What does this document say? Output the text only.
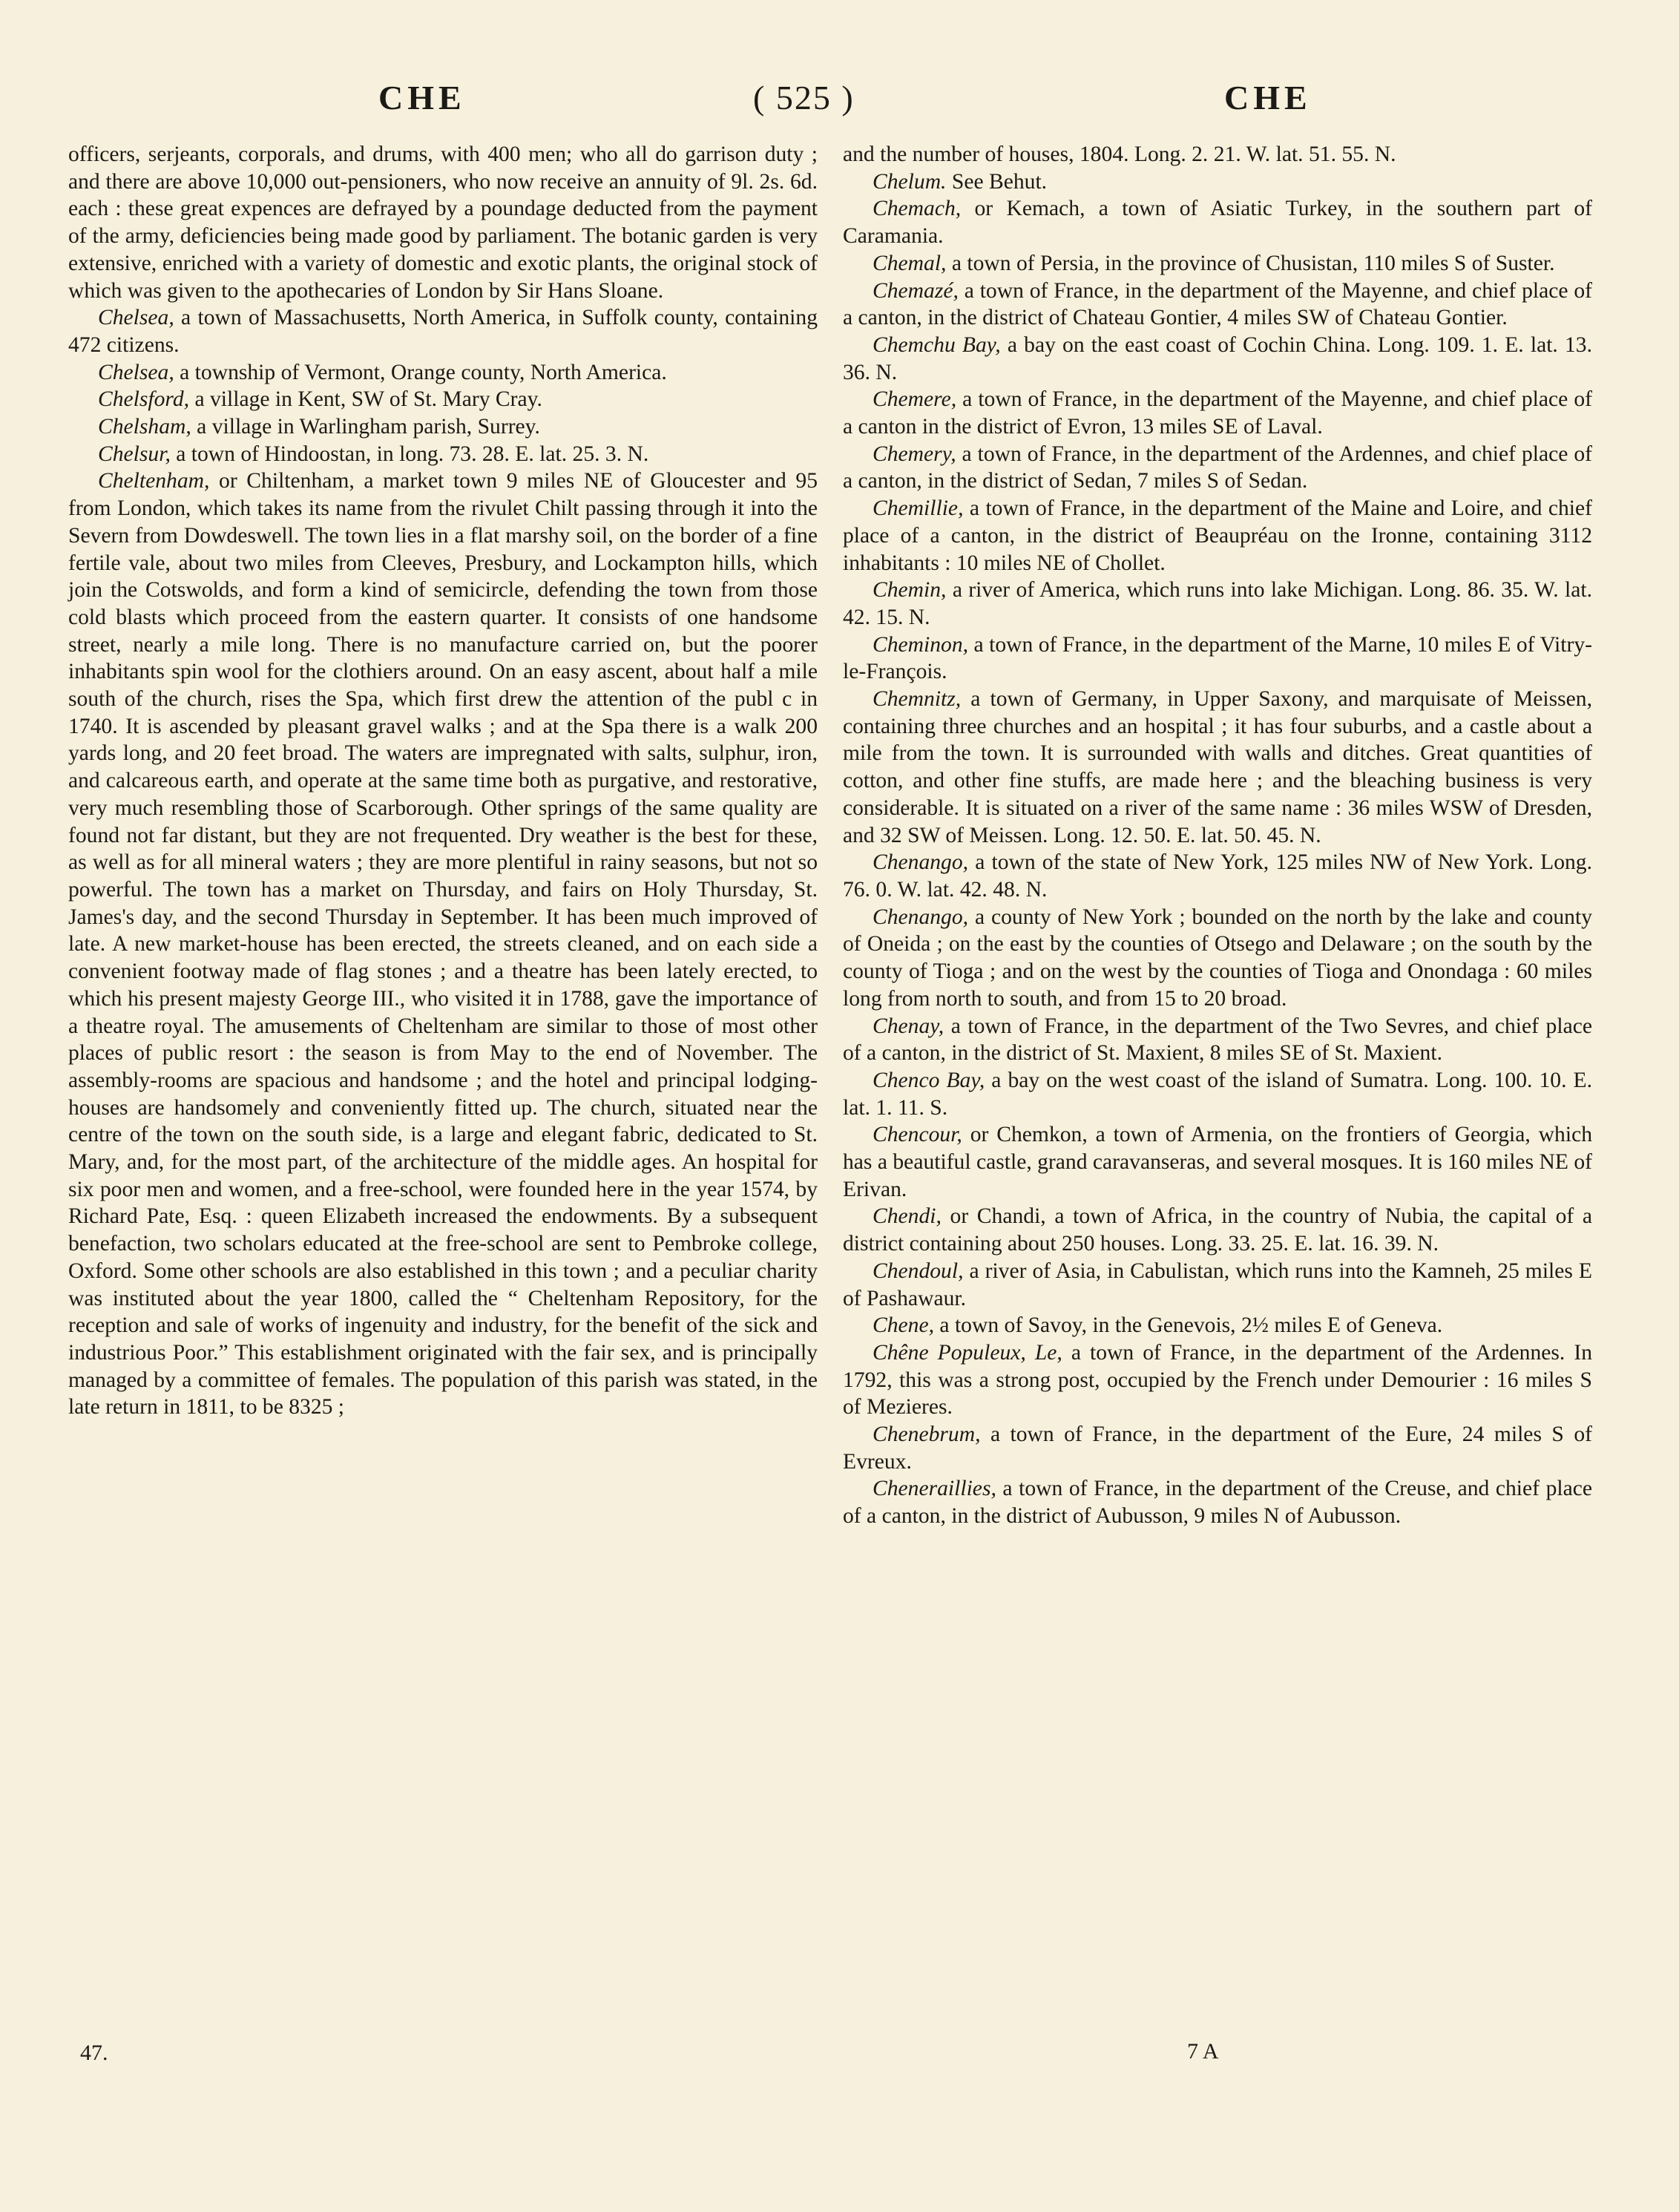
CHE	( 525 )	CHE

officers, serjeants, corporals, and drums, with 400 men; who all do garrison duty ; and there are above 10,000 out-pensioners, who now receive an annuity of 9l. 2s. 6d. each : these great expences are defrayed by a poundage deducted from the payment of the army, deficiencies being made good by parliament. The botanic garden is very extensive, enriched with a variety of domestic and exotic plants, the original stock of which was given to the apothecaries of London by Sir Hans Sloane.

Chelsea, a town of Massachusetts, North America, in Suffolk county, containing 472 citizens.

Chelsea, a township of Vermont, Orange county, North America.

Chelsford, a village in Kent, SW of St. Mary Cray.

Chelsham, a village in Warlingham parish, Surrey.

Chelsur, a town of Hindoostan, in long. 73. 28. E. lat. 25. 3. N.

Cheltenham, or Chiltenham, a market town 9 miles NE of Gloucester and 95 from London, which takes its name from the rivulet Chilt passing through it into the Severn from Dowdeswell. The town lies in a flat marshy soil, on the border of a fine fertile vale, about two miles from Cleeves, Presbury, and Lockampton hills, which join the Cotswolds, and form a kind of semicircle, defending the town from those cold blasts which proceed from the eastern quarter. It consists of one handsome street, nearly a mile long. There is no manufacture carried on, but the poorer inhabitants spin wool for the clothiers around. On an easy ascent, about half a mile south of the church, rises the Spa, which first drew the attention of the publ c in 1740. It is ascended by pleasant gravel walks ; and at the Spa there is a walk 200 yards long, and 20 feet broad. The waters are impregnated with salts, sulphur, iron, and calcareous earth, and operate at the same time both as purgative, and restorative, very much resembling those of Scarborough. Other springs of the same quality are found not far distant, but they are not frequented. Dry weather is the best for these, as well as for all mineral waters ; they are more plentiful in rainy seasons, but not so powerful. The town has a market on Thursday, and fairs on Holy Thursday, St. James's day, and the second Thursday in September. It has been much improved of late. A new market-house has been erected, the streets cleaned, and on each side a convenient footway made of flag stones ; and a theatre has been lately erected, to which his present majesty George III., who visited it in 1788, gave the importance of a theatre royal. The amusements of Cheltenham are similar to those of most other places of public resort : the season is from May to the end of November. The assembly-rooms are spacious and handsome ; and the hotel and principal lodging-houses are handsomely and conveniently fitted up. The church, situated near the centre of the town on the south side, is a large and elegant fabric, dedicated to St. Mary, and, for the most part, of the architecture of the middle ages. An hospital for six poor men and women, and a free-school, were founded here in the year 1574, by Richard Pate, Esq. : queen Elizabeth increased the endowments. By a subsequent benefaction, two scholars educated at the free-school are sent to Pembroke college, Oxford. Some other schools are also established in this town ; and a peculiar charity was instituted about the year 1800, called the “ Cheltenham Repository, for the reception and sale of works of ingenuity and industry, for the benefit of the sick and industrious Poor.” This establishment originated with the fair sex, and is principally managed by a committee of females. The population of this parish was stated, in the late return in 1811, to be 8325 ;

and the number of houses, 1804. Long. 2. 21. W. lat. 51. 55. N.

Chelum. See Behut.

Chemach, or Kemach, a town of Asiatic Turkey, in the southern part of Caramania.

Chemal, a town of Persia, in the province of Chusistan, 110 miles S of Suster.

Chemazé, a town of France, in the department of the Mayenne, and chief place of a canton, in the district of Chateau Gontier, 4 miles SW of Chateau Gontier.

Chemchu Bay, a bay on the east coast of Cochin China. Long. 109. 1. E. lat. 13. 36. N.

Chemere, a town of France, in the department of the Mayenne, and chief place of a canton in the district of Evron, 13 miles SE of Laval.

Chemery, a town of France, in the department of the Ardennes, and chief place of a canton, in the district of Sedan, 7 miles S of Sedan.

Chemillie, a town of France, in the department of the Maine and Loire, and chief place of a canton, in the district of Beaupréau on the Ironne, containing 3112 inhabitants : 10 miles NE of Chollet.

Chemin, a river of America, which runs into lake Michigan. Long. 86. 35. W. lat. 42. 15. N.

Cheminon, a town of France, in the department of the Marne, 10 miles E of Vitry-le-François.

Chemnitz, a town of Germany, in Upper Saxony, and marquisate of Meissen, containing three churches and an hospital ; it has four suburbs, and a castle about a mile from the town. It is surrounded with walls and ditches. Great quantities of cotton, and other fine stuffs, are made here ; and the bleaching business is very considerable. It is situated on a river of the same name : 36 miles WSW of Dresden, and 32 SW of Meissen. Long. 12. 50. E. lat. 50. 45. N.

Chenango, a town of the state of New York, 125 miles NW of New York. Long. 76. 0. W. lat. 42. 48. N.

Chenango, a county of New York ; bounded on the north by the lake and county of Oneida ; on the east by the counties of Otsego and Delaware ; on the south by the county of Tioga ; and on the west by the counties of Tioga and Onondaga : 60 miles long from north to south, and from 15 to 20 broad.

Chenay, a town of France, in the department of the Two Sevres, and chief place of a canton, in the district of St. Maxient, 8 miles SE of St. Maxient.

Chenco Bay, a bay on the west coast of the island of Sumatra. Long. 100. 10. E. lat. 1. 11. S.

Chencour, or Chemkon, a town of Armenia, on the frontiers of Georgia, which has a beautiful castle, grand caravanseras, and several mosques. It is 160 miles NE of Erivan.

Chendi, or Chandi, a town of Africa, in the country of Nubia, the capital of a district containing about 250 houses. Long. 33. 25. E. lat. 16. 39. N.

Chendoul, a river of Asia, in Cabulistan, which runs into the Kamneh, 25 miles E of Pashawaur.

Chene, a town of Savoy, in the Genevois, 2½ miles E of Geneva.

Chêne Populeux, Le, a town of France, in the department of the Ardennes. In 1792, this was a strong post, occupied by the French under Demourier : 16 miles S of Mezieres.

Chenebrum, a town of France, in the department of the Eure, 24 miles S of Evreux.

Cheneraillies, a town of France, in the department of the Creuse, and chief place of a canton, in the district of Aubusson, 9 miles N of Aubusson.

47.	7 A
